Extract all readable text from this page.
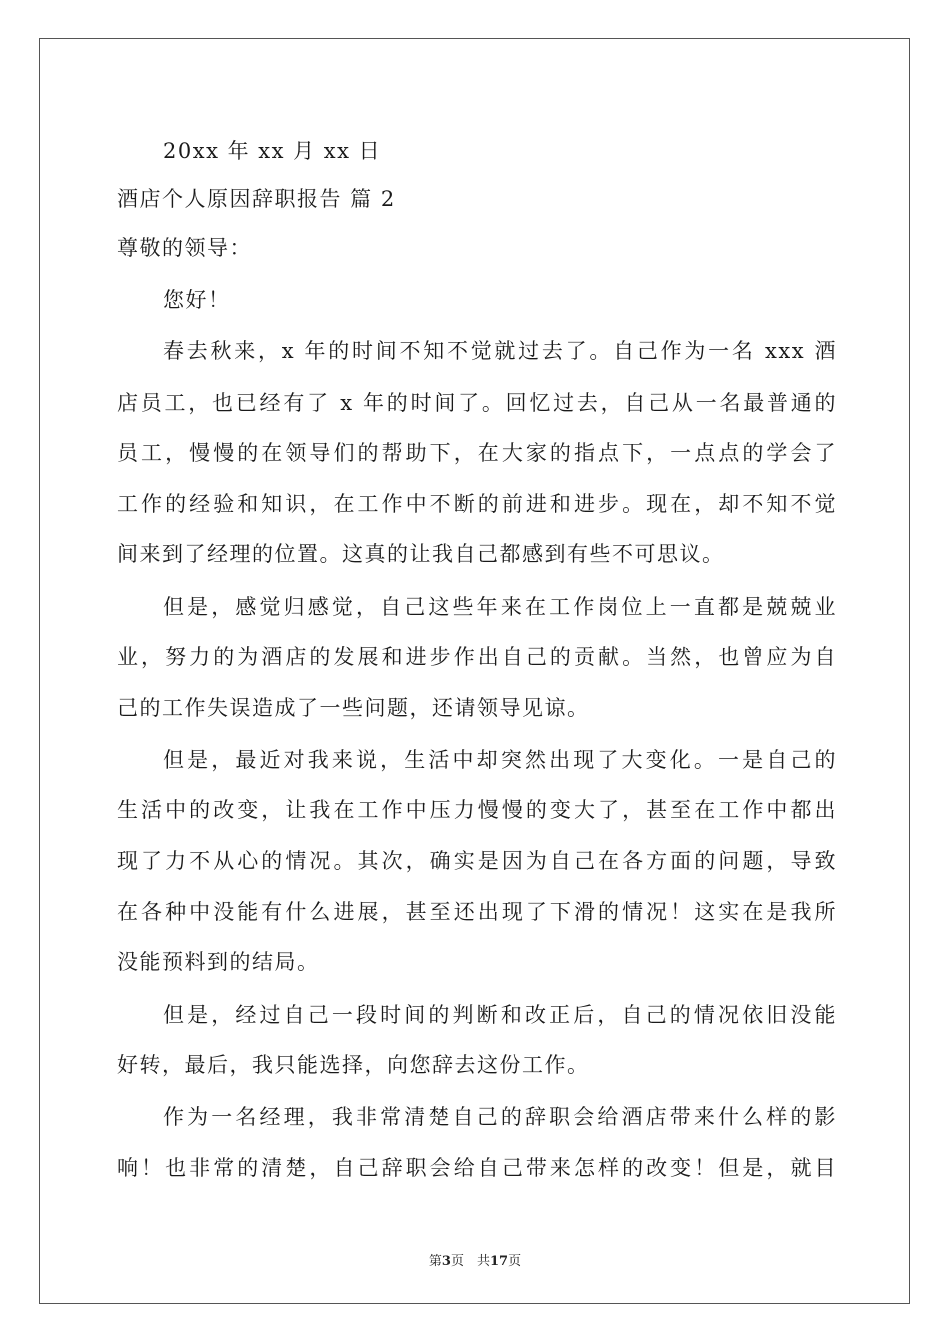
20xx 年 xx 月 xx 日
酒店个人原因辞职报告 篇 2
尊敬的领导：
您好！
春去秋来，x 年的时间不知不觉就过去了。自己作为一名 xxx 酒
店员工，也已经有了 x 年的时间了。回忆过去，自己从一名最普通的
员工，慢慢的在领导们的帮助下，在大家的指点下，一点点的学会了
工作的经验和知识，在工作中不断的前进和进步。现在，却不知不觉
间来到了经理的位置。这真的让我自己都感到有些不可思议。
但是，感觉归感觉，自己这些年来在工作岗位上一直都是兢兢业
业，努力的为酒店的发展和进步作出自己的贡献。当然，也曾应为自
己的工作失误造成了一些问题，还请领导见谅。
但是，最近对我来说，生活中却突然出现了大变化。一是自己的
生活中的改变，让我在工作中压力慢慢的变大了，甚至在工作中都出
现了力不从心的情况。其次，确实是因为自己在各方面的问题，导致
在各种中没能有什么进展，甚至还出现了下滑的情况！这实在是我所
没能预料到的结局。
但是，经过自己一段时间的判断和改正后，自己的情况依旧没能
好转，最后，我只能选择，向您辞去这份工作。
作为一名经理，我非常清楚自己的辞职会给酒店带来什么样的影
响！也非常的清楚，自己辞职会给自己带来怎样的改变！但是，就目
第3页　共17页
